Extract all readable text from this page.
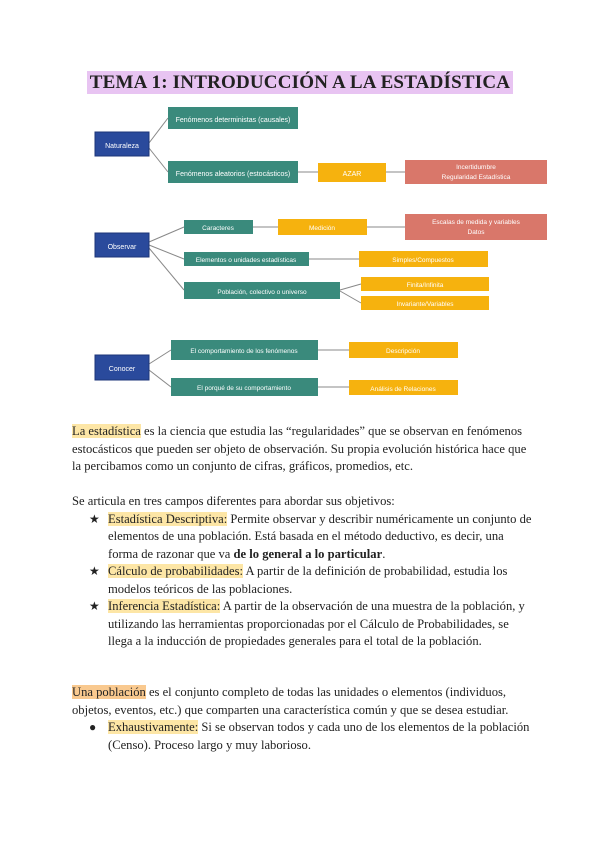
TEMA 1: INTRODUCCIÓN A LA ESTADÍSTICA
Naturaleza
Fenómenos deterministas (causales)
Fenómenos aleatorios (estocásticos)	AZAR
Incertidumbre
Regularidad Estadística
Observar
Caracteres	Medición
Escalas de medida y variables
Datos
Elementos o unidades estadísticas	Simples/Compuestos
Población, colectivo o universo
Finita/Infinita
Invariante/Variables
Conocer
El comportamiento de los fenómenos	Descripción
El porqué de su comportamiento	Análisis de Relaciones

La estadística es la ciencia que estudia las “regularidades” que se observan en fenómenos estocásticos que pueden ser objeto de observación. Su propia evolución histórica hace que la percibamos como un conjunto de cifras, gráficos, promedios, etc.

Se articula en tres campos diferentes para abordar sus objetivos:

★ Estadística Descriptiva: Permite observar y describir numéricamente un conjunto de elementos de una población. Está basada en el método deductivo, es decir, una forma de razonar que va de lo general a lo particular.
★ Cálculo de probabilidades: A partir de la definición de probabilidad, estudia los modelos teóricos de las poblaciones.
★ Inferencia Estadística: A partir de la observación de una muestra de la población, y utilizando las herramientas proporcionadas por el Cálculo de Probabilidades, se llega a la inducción de propiedades generales para el total de la población.

Una población es el conjunto completo de todas las unidades o elementos (individuos, objetos, eventos, etc.) que comparten una característica común y que se desea estudiar.

● Exhaustivamente: Si se observan todos y cada uno de los elementos de la población (Censo). Proceso largo y muy laborioso.
